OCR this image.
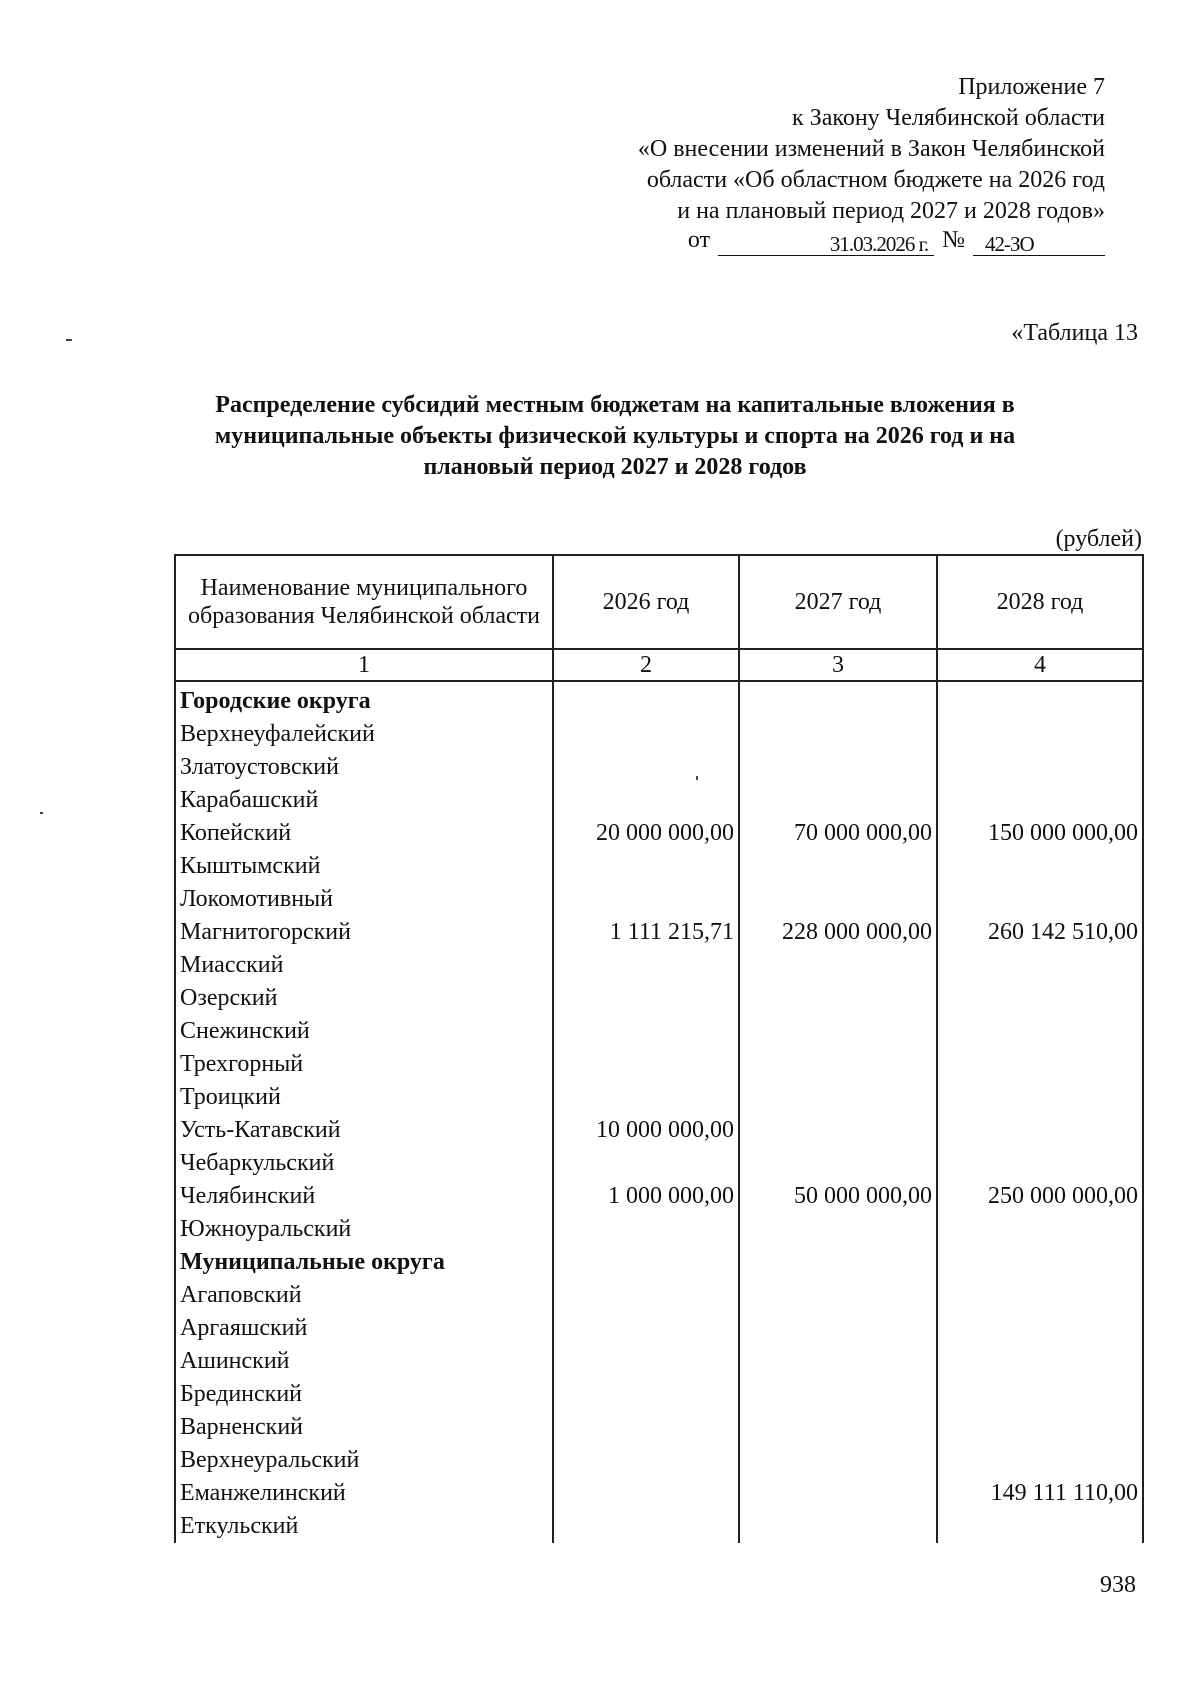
Приложение 7
к Закону Челябинской области
«О внесении изменений в Закон Челябинской
области «Об областном бюджете на 2026 год
и на плановый период 2027 и 2028 годов»
от	31.03.2026 г. № 42-ЗО
«Таблица 13
Распределение субсидий местным бюджетам на капитальные вложения в муниципальные объекты физической культуры и спорта на 2026 год и на плановый период 2027 и 2028 годов
(рублей)
Наименование муниципального образования Челябинской области	2026 год	2027 год	2028 год
1	2	3	4

Городские округа			
Верхнеуфалейский			
Златоустовский			
Карабашский			
Копейский	20 000 000,00	70 000 000,00	150 000 000,00
Кыштымский			
Локомотивный			
Магнитогорский	1 111 215,71	228 000 000,00	260 142 510,00
Миасский			
Озерский			
Снежинский			
Трехгорный			
Троицкий			
Усть-Катавский	10 000 000,00		
Чебаркульский			
Челябинский	1 000 000,00	50 000 000,00	250 000 000,00
Южноуральский			
Муниципальные округа			
Агаповский			
Аргаяшский			
Ашинский			
Брединский			
Варненский			
Верхнеуральский			
Еманжелинский			149 111 110,00
Еткульский			
938
